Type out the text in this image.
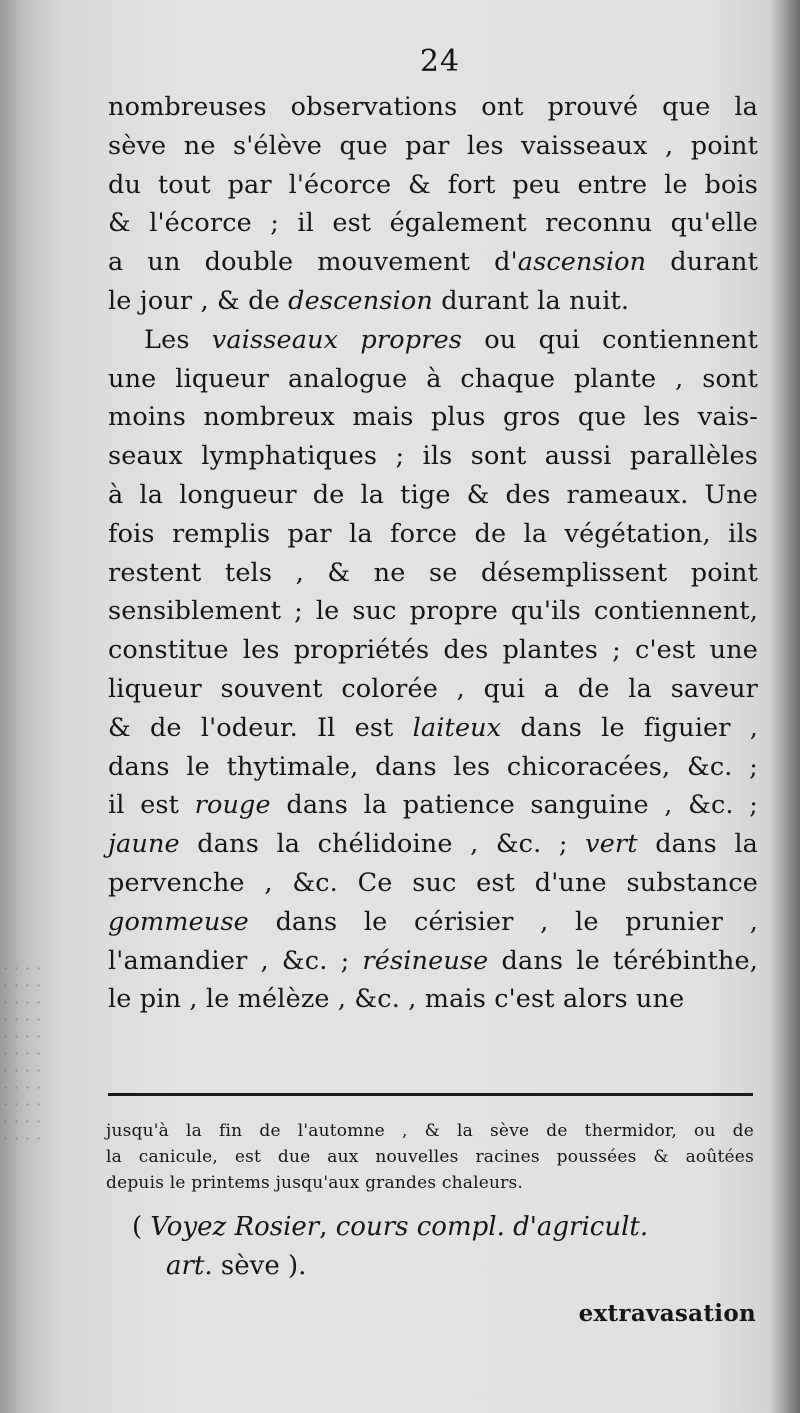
24
nombreuses observations ont prouvé que la
sève ne s'élève que par les vaisseaux , point
du tout par l'écorce & fort peu entre le bois
& l'écorce ; il est également reconnu qu'elle
a un double mouvement d'ascension durant
le jour , & de descension durant la nuit.
Les vaisseaux propres ou qui contiennent
une liqueur analogue à chaque plante , sont
moins nombreux mais plus gros que les vais-
seaux lymphatiques ; ils sont aussi parallèles
à la longueur de la tige & des rameaux. Une
fois remplis par la force de la végétation, ils
restent tels , & ne se désemplissent point
sensiblement ; le suc propre qu'ils contiennent,
constitue les propriétés des plantes ; c'est une
liqueur souvent colorée , qui a de la saveur
& de l'odeur. Il est laiteux dans le figuier ,
dans le thytimale, dans les chicoracées, &c. ;
il est rouge dans la patience sanguine , &c. ;
jaune dans la chélidoine , &c. ; vert dans la
pervenche , &c. Ce suc est d'une substance
gommeuse dans le cérisier , le prunier ,
l'amandier , &c. ; résineuse dans le térébinthe,
le pin , le mélèze , &c. , mais c'est alors une
jusqu'à la fin de l'automne , & la sève de thermidor, ou de
la canicule, est due aux nouvelles racines poussées & aoûtées
depuis le printems jusqu'aux grandes chaleurs.
( Voyez Rosier, cours compl. d'agricult.
art. sève ).
extravasation
